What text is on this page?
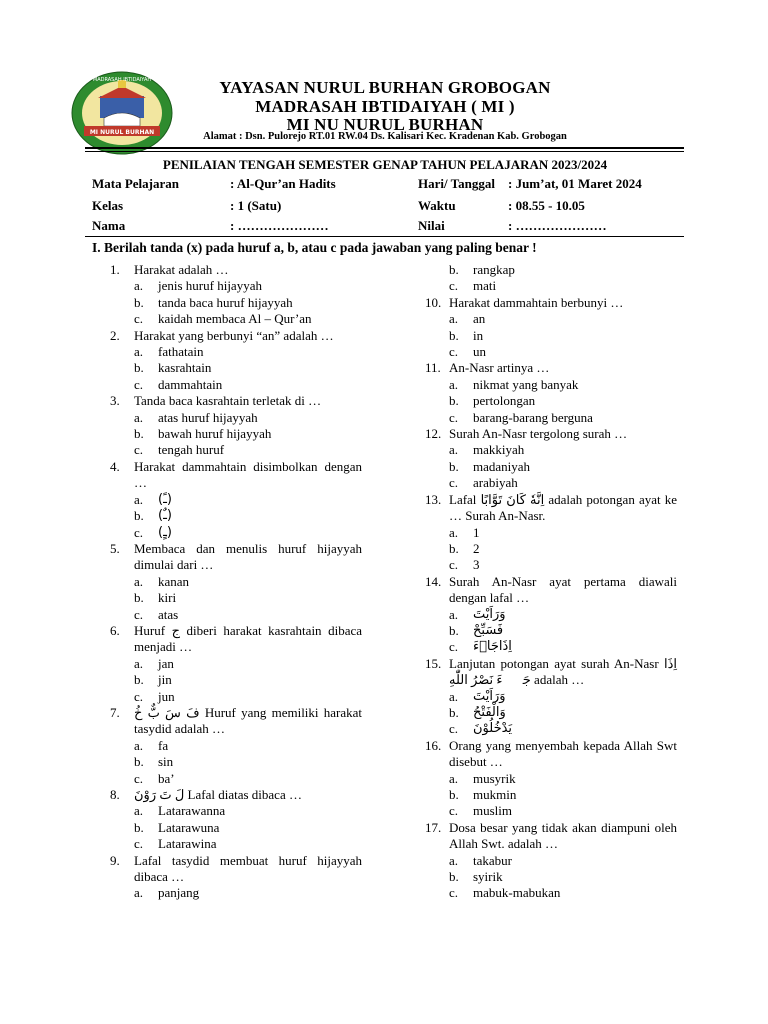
MI NURUL BURHAN
MADRASAH IBTIDAIYAH	YAYASAN NURUL BURHAN GROBOGAN
MADRASAH IBTIDAIYAH ( MI )
MI NU NURUL BURHAN
Alamat : Dsn. Pulorejo RT.01 RW.04 Ds. Kalisari Kec. Kradenan Kab. Grobogan
PENILAIAN TENGAH SEMESTER GENAP TAHUN PELAJARAN 2023/2024
Mata Pelajaran	: Al-Qur’an Hadits
Kelas	: 1 (Satu)
Nama	: …………………
Hari/ Tanggal : Jum’at, 01 Maret 2024
Waktu	: 08.55 - 10.05
Nilai	: …………………
I. Berilah tanda (x) pada huruf a, b, atau c pada jawaban yang paling benar !
1.	Harakat adalah …
a.	jenis huruf hijayyah
b.	tanda baca huruf hijayyah
c.	kaidah membaca Al – Qur’an
2.	Harakat yang berbunyi “an” adalah …
a.	fathatain
b.	kasrahtain
c.	dammahtain
3.	Tanda baca kasrahtain terletak di …
a.	atas huruf hijayyah
b.	bawah huruf hijayyah
c.	tengah huruf
4.	Harakat dammahtain disimbolkan dengan …
a.	(ـً)
b.	(ـٌ)
c.	(ـٍ)
5.	Membaca dan menulis huruf hijayyah dimulai dari …
a.	kanan
b.	kiri
c.	atas
6.	Huruf ج diberi harakat kasrahtain dibaca menjadi …
a.	jan
b.	jin
c.	jun
7.	فَ سَ بٌّ خُ Huruf yang memiliki harakat tasydid adalah …
a.	fa
b.	sin
c.	ba’
8.	لَ تَ رَوْنَ Lafal diatas dibaca …
a.	Latarawanna
b.	Latarawuna
c.	Latarawina
9.	Lafal tasydid membuat huruf hijayyah dibaca …
a.	panjang
b.	rangkap
c.	mati
10. Harakat dammahtain berbunyi …
a.	an
b.	in
c.	un
11. An-Nasr artinya …
a.	nikmat yang banyak
b.	pertolongan
c.	barang-barang berguna
12. Surah An-Nasr tergolong surah …
a.	makkiyah
b.	madaniyah
c.	arabiyah
13. Lafal اِنَّهٗ كَانَ تَوَّابًا adalah potongan ayat ke … Surah An-Nasr.
a.	1
b.	2
c.	3
14. Surah An-Nasr ayat pertama diawali dengan lafal …
a.	وَرَاَيْتَ
b.	فَسَبِّحْ
c.	اِذَاجَاۤءَ
15. Lanjutan potongan ayat surah An-Nasr اِذَا جَاۤءَ نَصْرُ اللّٰهِ adalah …
a.	وَرَاَيْتَ
b.	وَالْفَتْحُ
c.	يَدْخُلُوْنَ
16. Orang yang menyembah kepada Allah Swt disebut …
a.	musyrik
b.	mukmin
c.	muslim
17. Dosa besar yang tidak akan diampuni oleh Allah Swt. adalah …
a.	takabur
b.	syirik
c.	mabuk-mabukan
